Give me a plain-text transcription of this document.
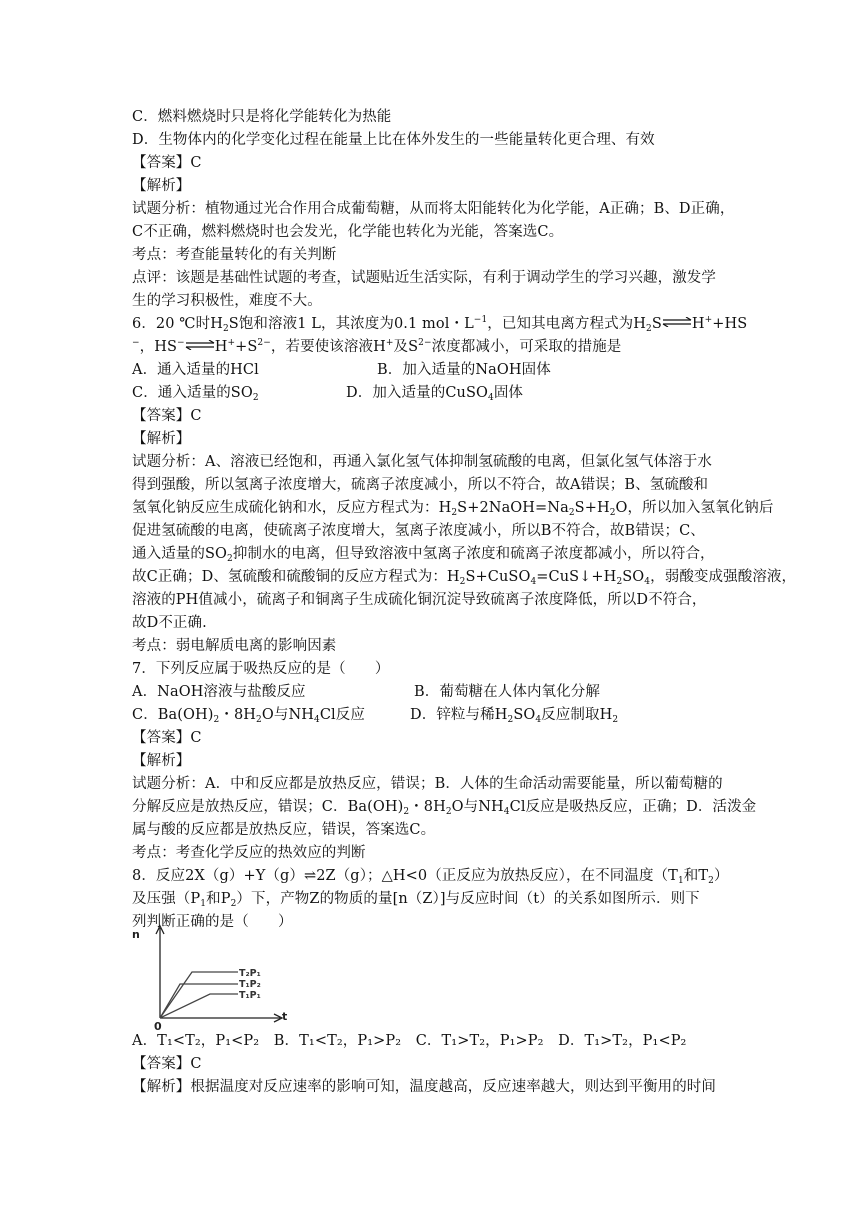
C．燃料燃烧时只是将化学能转化为热能
D．生物体内的化学变化过程在能量上比在体外发生的一些能量转化更合理、有效
【答案】C
【解析】
试题分析：植物通过光合作用合成葡萄糖，从而将太阳能转化为化学能，A正确；B、D正确，
C不正确，燃料燃烧时也会发光，化学能也转化为光能，答案选C。
考点：考查能量转化的有关判断
点评：该题是基础性试题的考查，试题贴近生活实际，有利于调动学生的学习兴趣，激发学
生的学习积极性，难度不大。
6．20 ℃时$H_2S$饱和溶液1 L，其浓度为0.1 mol・$L^{-1}$，已知其电离方程式为$H_2S\rightleftharpoons H^++HS$
−，$HS^-\rightleftharpoons H^++S^{2-}$，若要使该溶液H+及$S^{2-}$浓度都减小，可采取的措施是
A．通入适量的HCl	B．加入适量的NaOH固体
C．通入适量的$SO_2$	D．加入适量的CuSO$_4$固体
【答案】C
【解析】
试题分析：A、溶液已经饱和，再通入氯化氢气体抑制氢硫酸的电离，但氯化氢气体溶于水
得到强酸，所以氢离子浓度增大，硫离子浓度减小，所以不符合，故A错误；B、氢硫酸和
氢氧化钠反应生成硫化钠和水，反应方程式为：$H_2S+2NaOH=Na_2S+H_2O$，所以加入氢氧化钠后
促进氢硫酸的电离，使硫离子浓度增大，氢离子浓度减小，所以B不符合，故B错误；C、
通入适量的$SO_2$抑制水的电离，但导致溶液中氢离子浓度和硫离子浓度都减小，所以符合，
故C正确；D、氢硫酸和硫酸铜的反应方程式为：$H_2S+CuSO_4=CuS↓+H_2SO_4$，弱酸变成强酸溶液，
溶液的PH值减小，硫离子和铜离子生成硫化铜沉淀导致硫离子浓度降低，所以D不符合，
故D不正确.
考点：弱电解质电离的影响因素
7．下列反应属于吸热反应的是（　　）
A．NaOH溶液与盐酸反应	B．葡萄糖在人体内氧化分解
C．$Ba(OH)_2$・$8H_2O$与$NH_4Cl$反应	D．锌粒与稀$H_2SO_4$反应制取$H_2$
【答案】C
【解析】
试题分析：A．中和反应都是放热反应，错误；B．人体的生命活动需要能量，所以葡萄糖的
分解反应是放热反应，错误；C．$Ba(OH)_2$・$8H_2O$与$NH_4Cl$反应是吸热反应，正确；D．活泼金
属与酸的反应都是放热反应，错误，答案选C。
考点：考查化学反应的热效应的判断
8．反应2X（g）+Y（g）⇌2Z（g）；△H<0（正反应为放热反应），在不同温度（$T_1$和$T_2$）
及压强（$P_1$和$P_2$）下，产物Z的物质的量[n（Z）]与反应时间（t）的关系如图所示．则下
列判断正确的是（　　）
n
t
0
T₂P₁
T₁P₂
T₁P₁
A．T₁<T₂，P₁<P₂　B．T₁<T₂，P₁>P₂　C．T₁>T₂，P₁>P₂　D．T₁>T₂，P₁<P₂
【答案】C
【解析】根据温度对反应速率的影响可知，温度越高，反应速率越大，则达到平衡用的时间
